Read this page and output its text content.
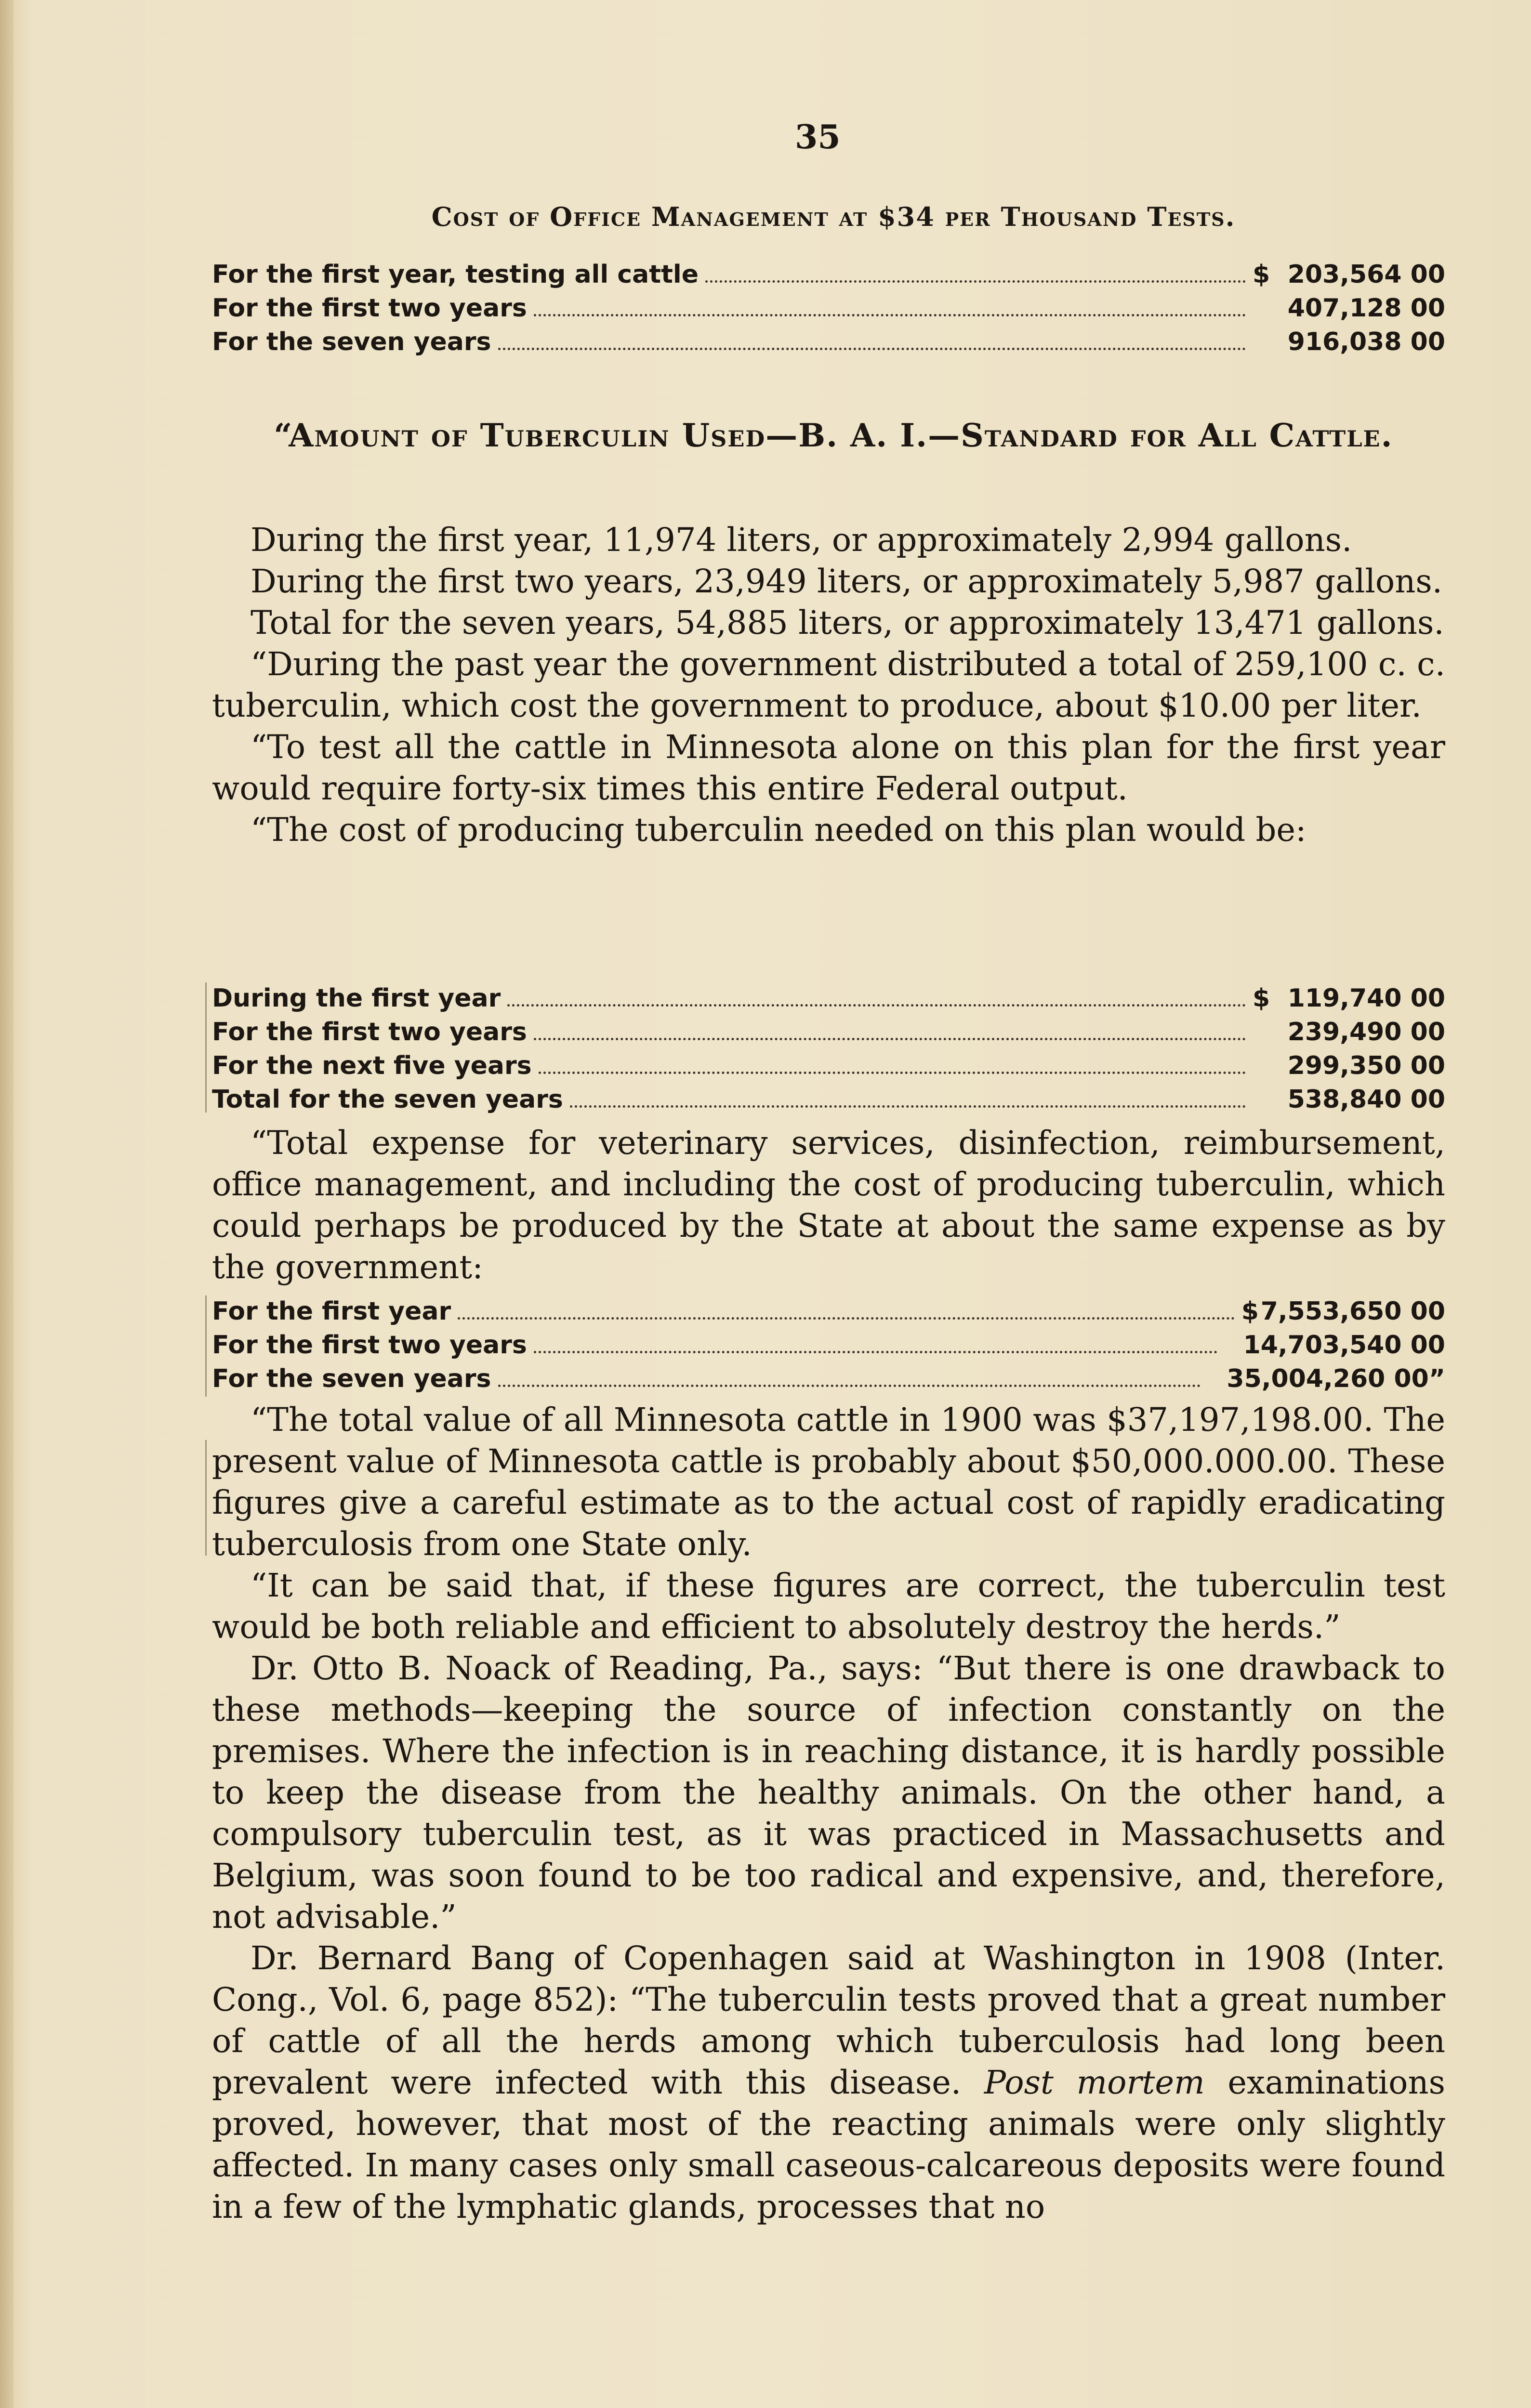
35
Cost of Office Management at $34 per Thousand Tests.
For the first year, testing all cattle	$ 203,564 00
For the first two years	407,128 00
For the seven years	916,038 00
“Amount of Tuberculin Used—B. A. I.—Standard for All Cattle.

During the first year, 11,974 liters, or approximately 2,994 gallons.

During the first two years, 23,949 liters, or approximately 5,987 gallons.

Total for the seven years, 54,885 liters, or approximately 13,471 gallons.

“During the past year the government distributed a total of 259,100 c. c. tuberculin, which cost the government to produce, about $10.00 per liter.

“To test all the cattle in Minnesota alone on this plan for the first year would require forty-six times this entire Federal output.

“The cost of producing tuberculin needed on this plan would be:

During the first year	$ 119,740 00
For the first two years	239,490 00
For the next five years	299,350 00
Total for the seven years	538,840 00

“Total expense for veterinary services, disinfection, reimbursement, office management, and including the cost of producing tuberculin, which could perhaps be produced by the State at about the same expense as by the government:

For the first year	$ 7,553,650 00
For the first two years	14,703,540 00
For the seven years	35,004,260 00”

“The total value of all Minnesota cattle in 1900 was $37,197,198.00. The present value of Minnesota cattle is probably about $50,000.000.00. These figures give a careful estimate as to the actual cost of rapidly eradicating tuberculosis from one State only.

“It can be said that, if these figures are correct, the tuberculin test would be both reliable and efficient to absolutely destroy the herds.”

Dr. Otto B. Noack of Reading, Pa., says: “But there is one drawback to these methods—keeping the source of infection constantly on the premises. Where the infection is in reaching distance, it is hardly possible to keep the disease from the healthy animals. On the other hand, a compulsory tuberculin test, as it was practiced in Massachusetts and Belgium, was soon found to be too radical and expensive, and, therefore, not advisable.”

Dr. Bernard Bang of Copenhagen said at Washington in 1908 (Inter. Cong., Vol. 6, page 852): “The tuberculin tests proved that a great number of cattle of all the herds among which tuberculosis had long been prevalent were infected with this disease. Post mortem examinations proved, however, that most of the reacting animals were only slightly affected. In many cases only small caseous-calcareous deposits were found in a few of the lymphatic glands, processes that no
